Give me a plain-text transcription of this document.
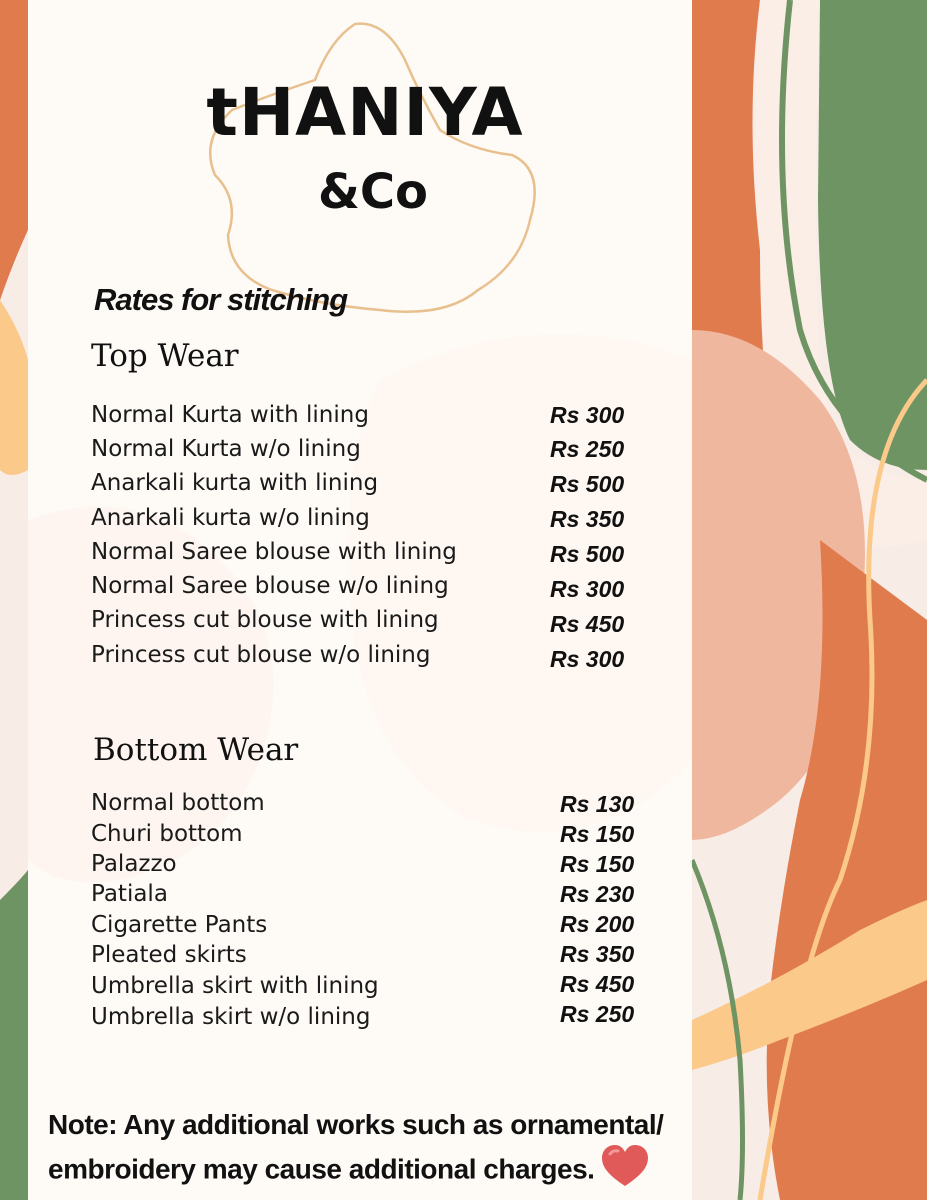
tHANIYA
&Co
Rates for stitching
Top Wear
Normal Kurta with lining	Rs 300
Normal Kurta w/o lining	Rs 250
Anarkali kurta with lining	Rs 500
Anarkali kurta w/o lining	Rs 350
Normal Saree blouse with lining	Rs 500
Normal Saree blouse w/o lining	Rs 300
Princess cut blouse with lining	Rs 450
Princess cut blouse w/o lining	Rs 300
Bottom Wear
Normal bottom	Rs 130
Churi bottom	Rs 150
Palazzo	Rs 150
Patiala	Rs 230
Cigarette Pants	Rs 200
Pleated skirts	Rs 350
Umbrella skirt with lining	Rs 450
Umbrella skirt w/o lining	Rs 250
Note: Any additional works such as ornamental/
embroidery may cause additional charges.
